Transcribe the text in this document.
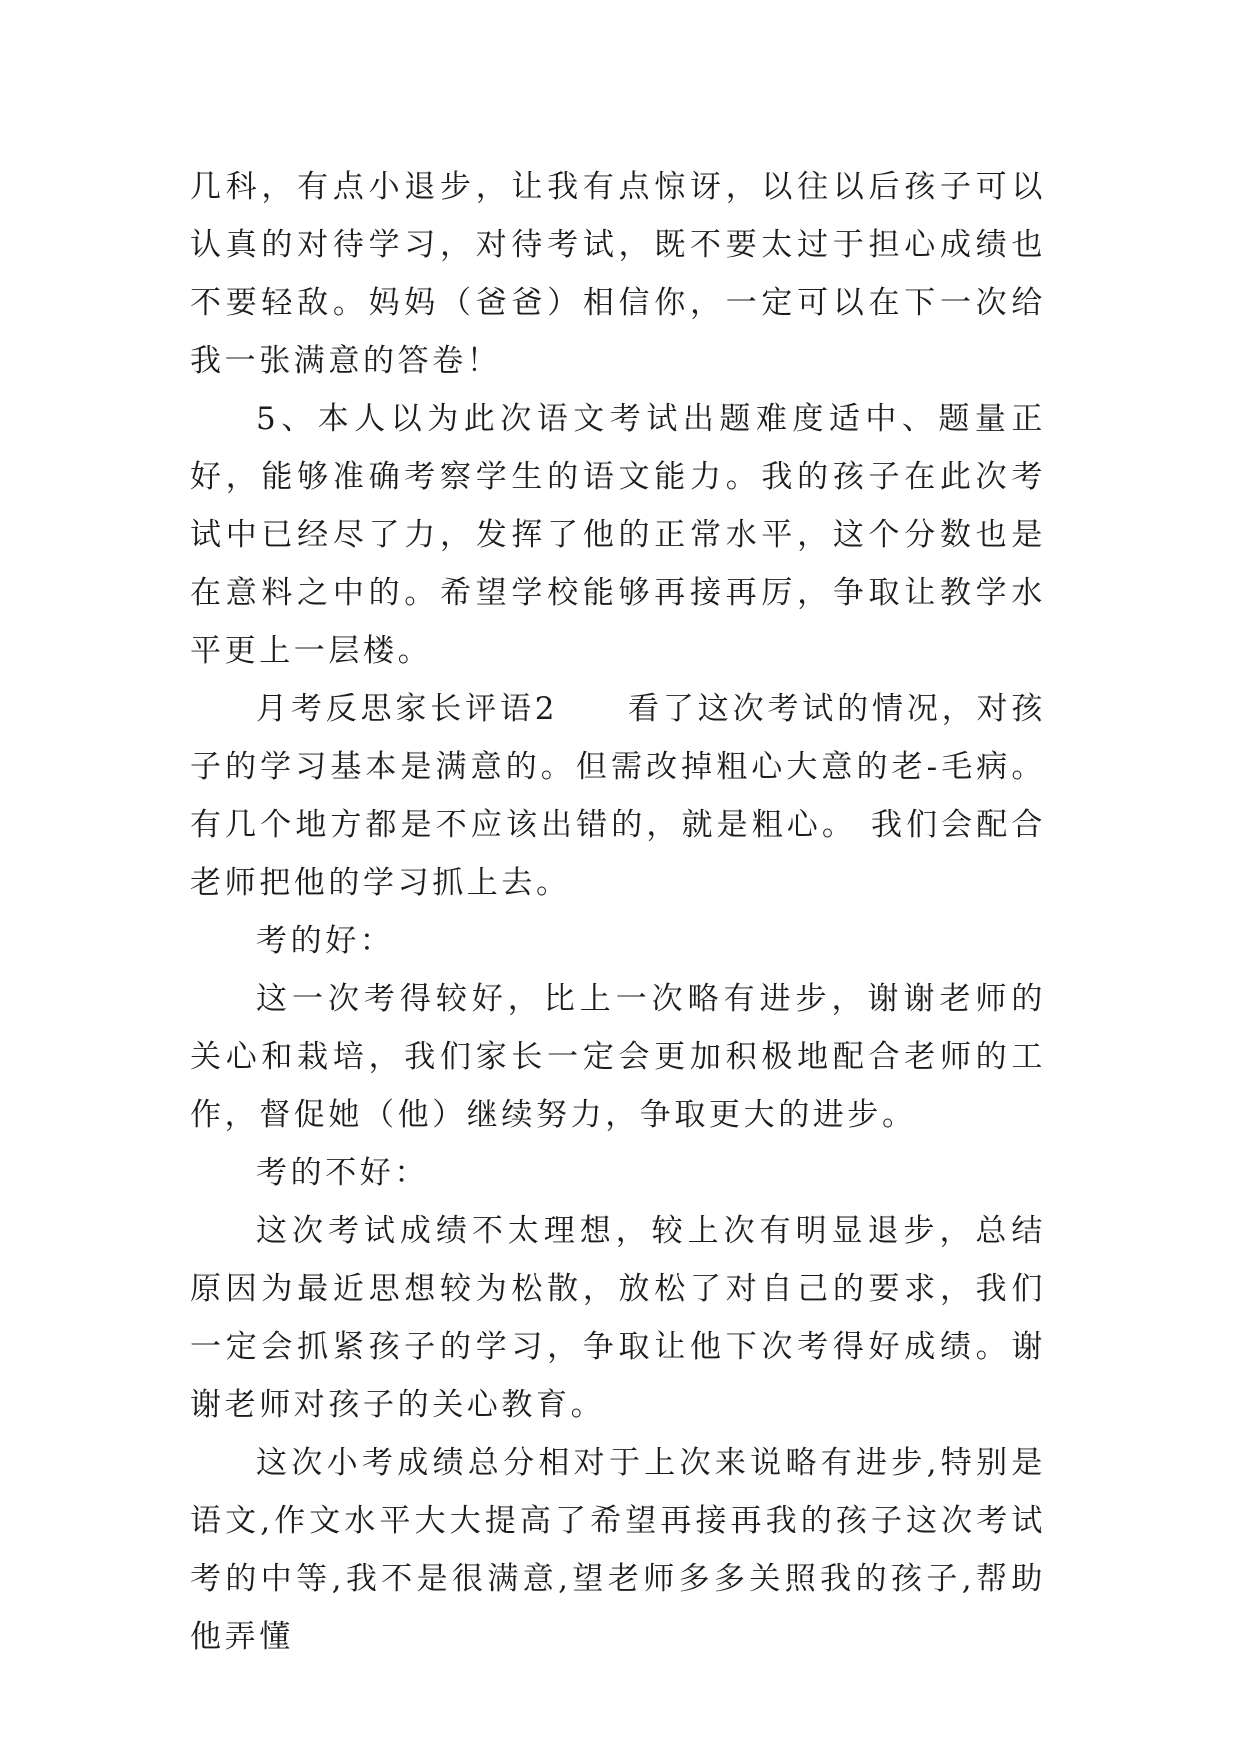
几科，有点小退步，让我有点惊讶，以往以后孩子可以认真的对待学习，对待考试，既不要太过于担心成绩也不要轻敌。妈妈（爸爸）相信你，一定可以在下一次给我一张满意的答卷！

5、本人以为此次语文考试出题难度适中、题量正好，能够准确考察学生的语文能力。我的孩子在此次考试中已经尽了力，发挥了他的正常水平，这个分数也是在意料之中的。希望学校能够再接再厉，争取让教学水平更上一层楼。

月考反思家长评语2　　看了这次考试的情况，对孩子的学习基本是满意的。但需改掉粗心大意的老-毛病。有几个地方都是不应该出错的，就是粗心。 我们会配合老师把他的学习抓上去。

考的好：

这一次考得较好，比上一次略有进步，谢谢老师的关心和栽培，我们家长一定会更加积极地配合老师的工作，督促她（他）继续努力，争取更大的进步。

考的不好：

这次考试成绩不太理想，较上次有明显退步，总结原因为最近思想较为松散，放松了对自己的要求，我们一定会抓紧孩子的学习，争取让他下次考得好成绩。谢谢老师对孩子的关心教育。

这次小考成绩总分相对于上次来说略有进步,特别是语文,作文水平大大提高了希望再接再我的孩子这次考试考的中等,我不是很满意,望老师多多关照我的孩子,帮助他弄懂
